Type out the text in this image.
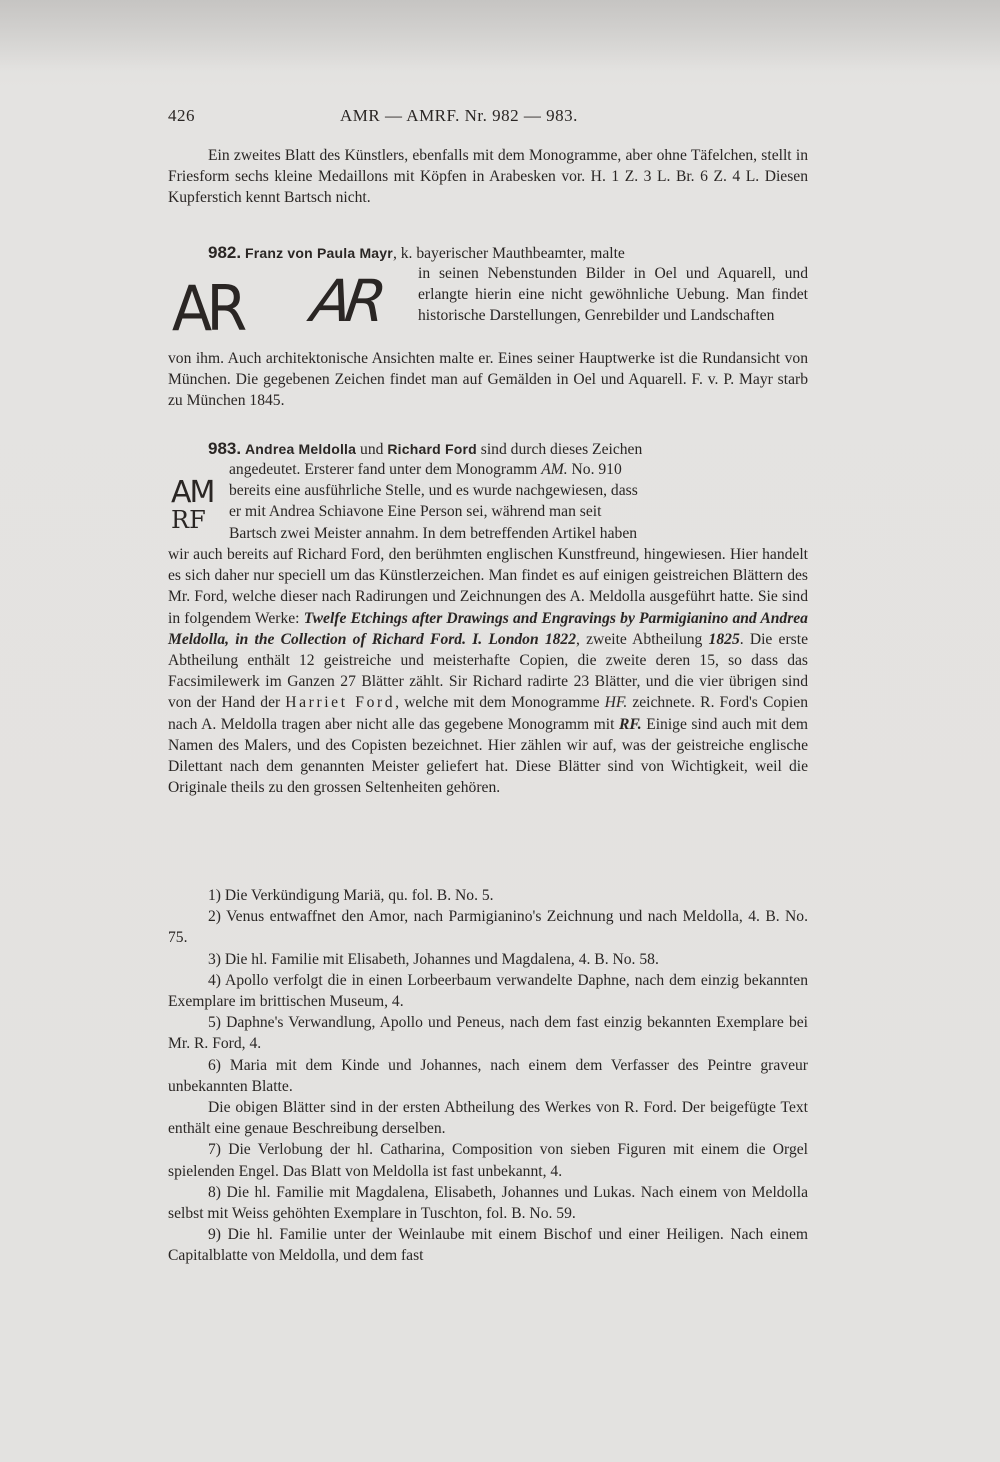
426	AMR — AMRF. Nr. 982 — 983.

Ein zweites Blatt des Künstlers, ebenfalls mit dem Monogramme, aber ohne Täfelchen, stellt in Friesform sechs kleine Medaillons mit Köpfen in Arabesken vor. H. 1 Z. 3 L. Br. 6 Z. 4 L. Diesen Kupferstich kennt Bartsch nicht.

982. Franz von Paula Mayr, k. bayerischer Mauthbeamter, malte

AR AR in seinen Nebenstunden Bilder in Oel und Aquarell, und erlangte hierin eine nicht gewöhnliche Uebung. Man findet historische Darstellungen, Genrebilder und Landschaften

von ihm. Auch architektonische Ansichten malte er. Eines seiner Hauptwerke ist die Rundansicht von München. Die gegebenen Zeichen findet man auf Gemälden in Oel und Aquarell. F. v. P. Mayr starb zu München 1845.

983. Andrea Meldolla und Richard Ford sind durch dieses Zeichen

AM
RF

angedeutet. Ersterer fand unter dem Monogramm AM. No. 910

bereits eine ausführliche Stelle, und es wurde nachgewiesen, dass

er mit Andrea Schiavone Eine Person sei, während man seit

Bartsch zwei Meister annahm. In dem betreffenden Artikel haben

wir auch bereits auf Richard Ford, den berühmten englischen Kunstfreund, hingewiesen. Hier handelt es sich daher nur speciell um das Künstlerzeichen. Man findet es auf einigen geistreichen Blättern des Mr. Ford, welche dieser nach Radirungen und Zeichnungen des A. Meldolla ausgeführt hatte. Sie sind in folgendem Werke: Twelfe Etchings after Drawings and Engravings by Parmigianino and Andrea Meldolla, in the Collection of Richard Ford. I. London 1822, zweite Abtheilung 1825. Die erste Abtheilung enthält 12 geistreiche und meisterhafte Copien, die zweite deren 15, so dass das Facsimilewerk im Ganzen 27 Blätter zählt. Sir Richard radirte 23 Blätter, und die vier übrigen sind von der Hand der Harriet Ford, welche mit dem Monogramme HF. zeichnete. R. Ford's Copien nach A. Meldolla tragen aber nicht alle das gegebene Monogramm mit RF. Einige sind auch mit dem Namen des Malers, und des Copisten bezeichnet. Hier zählen wir auf, was der geistreiche englische Dilettant nach dem genannten Meister geliefert hat. Diese Blätter sind von Wichtigkeit, weil die Originale theils zu den grossen Seltenheiten gehören.

1) Die Verkündigung Mariä, qu. fol. B. No. 5.

2) Venus entwaffnet den Amor, nach Parmigianino's Zeichnung und nach Meldolla, 4. B. No. 75.

3) Die hl. Familie mit Elisabeth, Johannes und Magdalena, 4. B. No. 58.

4) Apollo verfolgt die in einen Lorbeerbaum verwandelte Daphne, nach dem einzig bekannten Exemplare im brittischen Museum, 4.

5) Daphne's Verwandlung, Apollo und Peneus, nach dem fast einzig bekannten Exemplare bei Mr. R. Ford, 4.

6) Maria mit dem Kinde und Johannes, nach einem dem Verfasser des Peintre graveur unbekannten Blatte.

Die obigen Blätter sind in der ersten Abtheilung des Werkes von R. Ford. Der beigefügte Text enthält eine genaue Beschreibung derselben.

7) Die Verlobung der hl. Catharina, Composition von sieben Figuren mit einem die Orgel spielenden Engel. Das Blatt von Meldolla ist fast unbekannt, 4.

8) Die hl. Familie mit Magdalena, Elisabeth, Johannes und Lukas. Nach einem von Meldolla selbst mit Weiss gehöhten Exemplare in Tuschton, fol. B. No. 59.

9) Die hl. Familie unter der Weinlaube mit einem Bischof und einer Heiligen. Nach einem Capitalblatte von Meldolla, und dem fast
